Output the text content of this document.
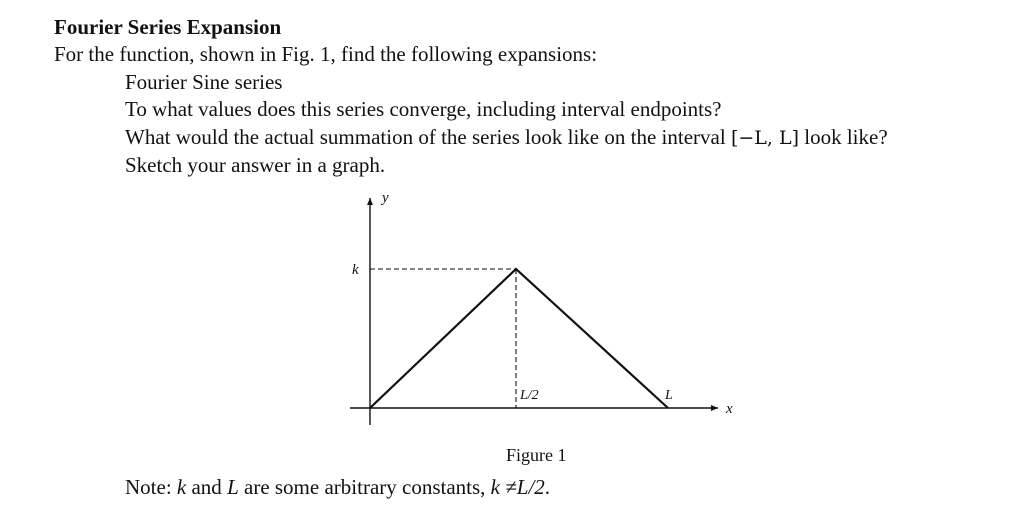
Fourier Series Expansion
For the function, shown in Fig. 1, find the following expansions:
Fourier Sine series
To what values does this series converge, including interval endpoints?
What would the actual summation of the series look like on the interval [−L, L] look like?
Sketch your answer in a graph.
y
x
k
L/2	L
Figure 1
Note: k and L are some arbitrary constants, k ≠L/2.
